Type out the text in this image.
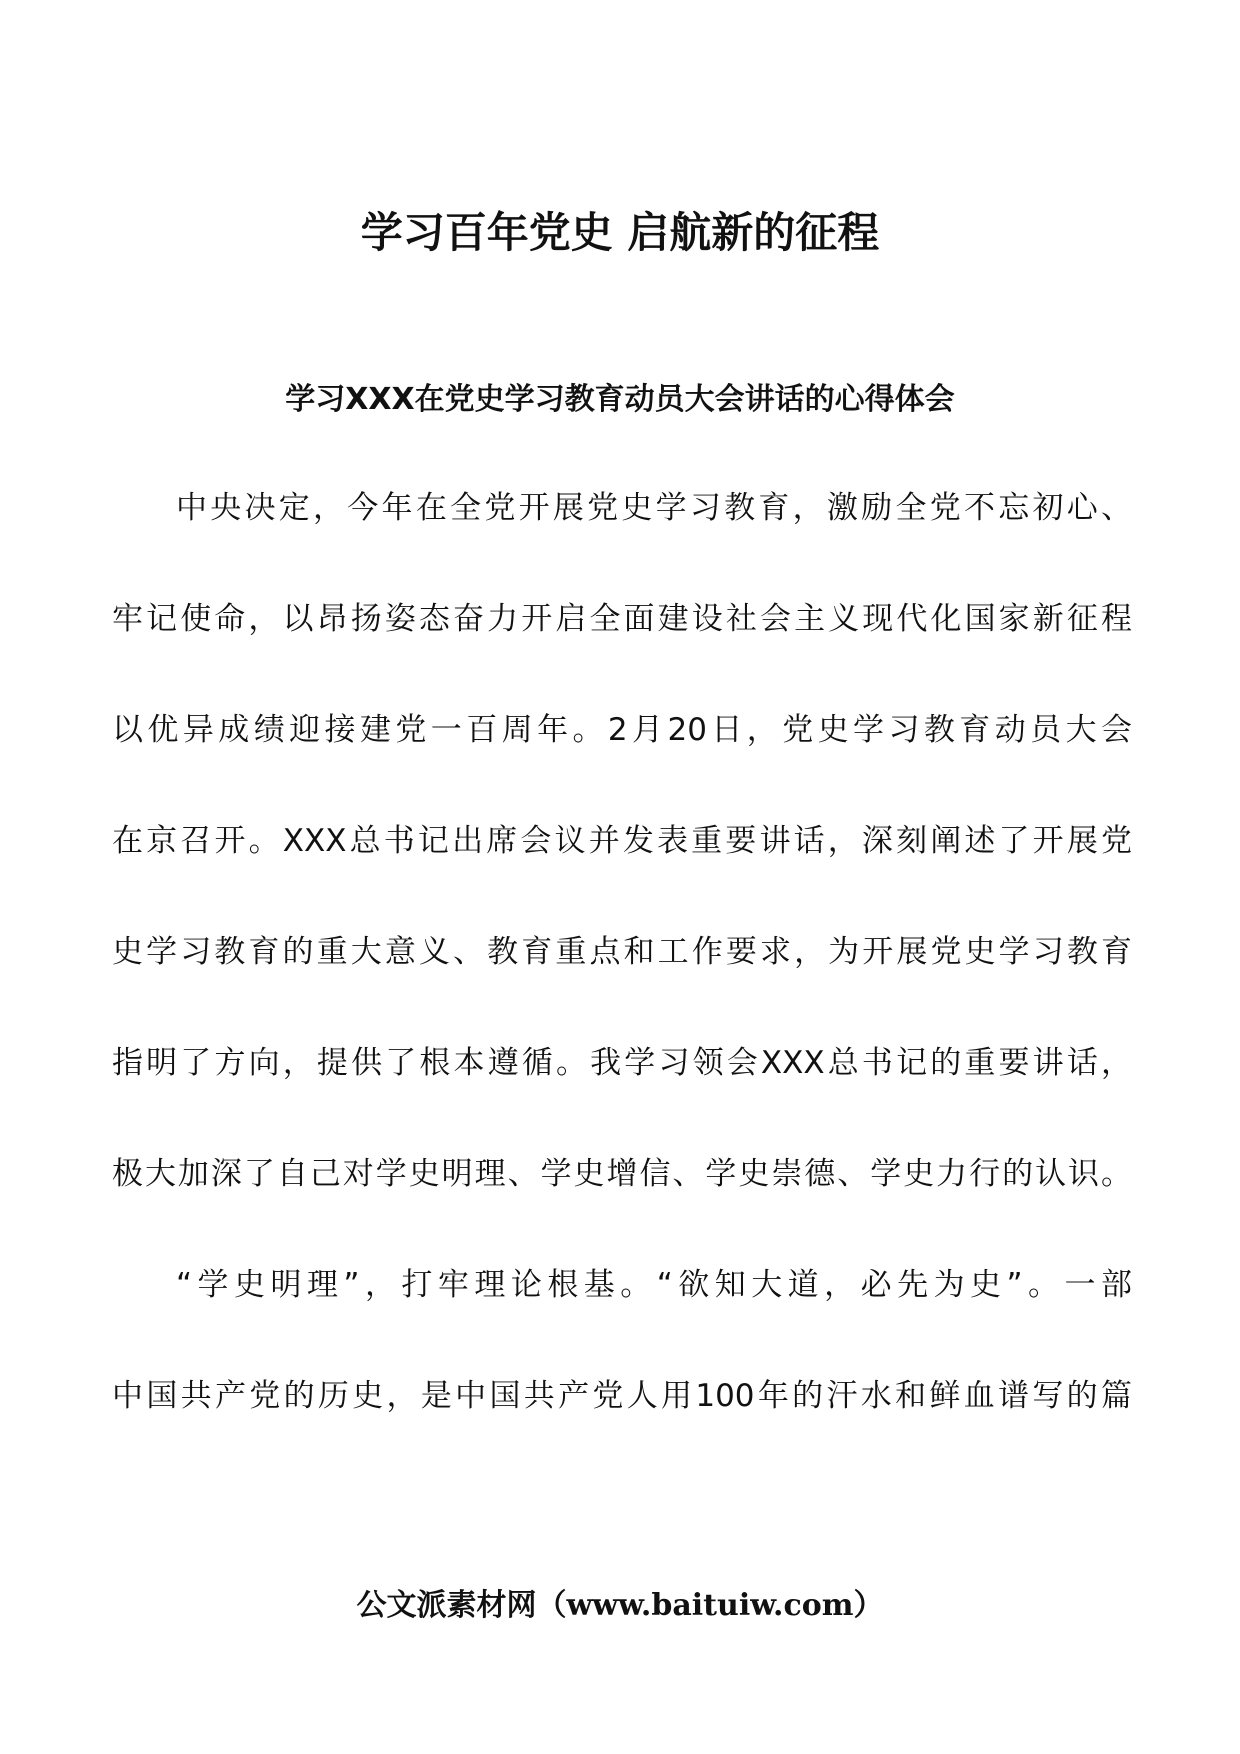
学习百年党史 启航新的征程
学习XXX在党史学习教育动员大会讲话的心得体会
中央决定，今年在全党开展党史学习教育，激励全党不忘初心、
牢记使命，以昂扬姿态奋力开启全面建设社会主义现代化国家新征程
以优异成绩迎接建党一百周年。2月20日，党史学习教育动员大会
在京召开。XXX总书记出席会议并发表重要讲话，深刻阐述了开展党
史学习教育的重大意义、教育重点和工作要求，为开展党史学习教育
指明了方向，提供了根本遵循。我学习领会XXX总书记的重要讲话，
极大加深了自己对学史明理、学史增信、学史崇德、学史力行的认识。
“学史明理”，打牢理论根基。“欲知大道，必先为史”。一部
中国共产党的历史，是中国共产党人用100年的汗水和鲜血谱写的篇
公文派素材网（www.baituiw.com）
